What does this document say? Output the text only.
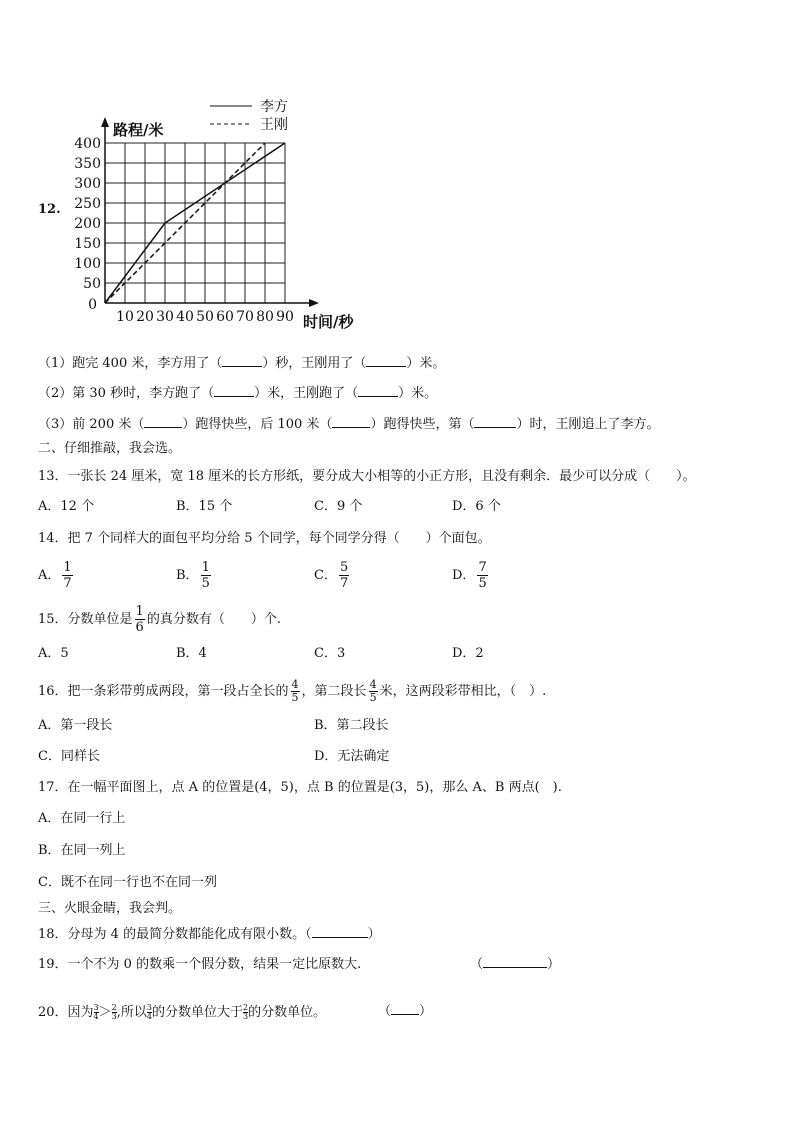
12.
400
350
300
250
200
150
100
50
10 20 30 40 50 60 70 80 90
0
路程/米
时间/秒
李方
王刚
（1）跑完 400 米，李方用了（	）秒，王刚用了（	）米。
（2）第 30 秒时，李方跑了（	）米，王刚跑了（	）米。
（3）前 200 米（	）跑得快些，后 100 米（	）跑得快些，第（	）时，王刚追上了李方。
二、仔细推敲，我会选。
13．一张长 24 厘米，宽 18 厘米的长方形纸，要分成大小相等的小正方形，且没有剩余．最少可以分成（　　）。
A．12 个	B．15 个	C．9 个	D．6 个
14．把 7 个同样大的面包平均分给 5 个同学，每个同学分得（　　）个面包。
A． $\frac{1}{7}$	B． $\frac{1}{5}$	C． $\frac{5}{7}$	D． $\frac{7}{5}$
15．分数单位是 $\frac{1}{6}$ 的真分数有（　　）个.
A．5	B．4	C．3	D．2
16．把一条彩带剪成两段，第一段占全长的 $\frac{4}{5}$ ，第二段长 $\frac{4}{5}$ 米，这两段彩带相比，（　）.
A．第一段长	B．第二段长
C．同样长	D．无法确定
17．在一幅平面图上，点 A 的位置是(4，5)，点 B 的位置是(3，5)，那么 A、B 两点(　).
A．在同一行上
B．在同一列上
C．既不在同一行也不在同一列
三、火眼金睛，我会判。
18．分母为 4 的最简分数都能化成有限小数。（	）
19．一个不为 0 的数乘一个假分数，结果一定比原数大.	（	）
20．因为 $\frac{3}{4} > \frac{2}{3}$ ,所以 $\frac{3}{4}$ 的分数单位大于 $\frac{2}{3}$ 的分数单位。	（ ）
